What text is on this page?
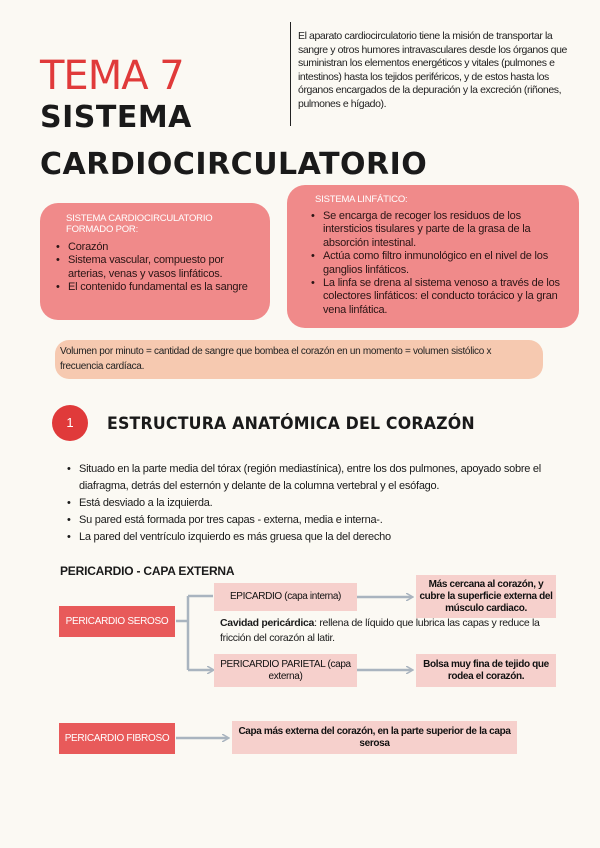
TEMA 7
SISTEMA
CARDIOCIRCULATORIO
El aparato cardiocirculatorio tiene la misión de transportar la sangre y otros humores intravasculares desde los órganos que suministran los elementos energéticos y vitales (pulmones e intestinos) hasta los tejidos periféricos, y de estos hasta los órganos encargados de la depuración y la excreción (riñones, pulmones e hígado).
SISTEMA CARDIOCIRCULATORIO FORMADO POR:
• Corazón
• Sistema vascular, compuesto por arterias, venas y vasos linfáticos.
• El contenido fundamental es la sangre
SISTEMA LINFÁTICO:
• Se encarga de recoger los residuos de los intersticios tisulares y parte de la grasa de la absorción intestinal.
• Actúa como filtro inmunológico en el nivel de los ganglios linfáticos.
• La linfa se drena al sistema venoso a través de los colectores linfáticos: el conducto torácico y la gran vena linfática.
Volumen por minuto = cantidad de sangre que bombea el corazón en un momento = volumen sistólico x frecuencia cardíaca.
1	ESTRUCTURA ANATÓMICA DEL CORAZÓN
• Situado en la parte media del tórax (región mediastínica), entre los dos pulmones, apoyado sobre el diafragma, detrás del esternón y delante de la columna vertebral y el esófago.
• Está desviado a la izquierda.
• Su pared está formada por tres capas - externa, media e interna-.
• La pared del ventrículo izquierdo es más gruesa que la del derecho
PERICARDIO - CAPA EXTERNA
PERICARDIO SEROSO
EPICARDIO (capa interna)
Más cercana al corazón, y cubre la superficie externa del músculo cardiaco.
Cavidad pericárdica: rellena de líquido que lubrica las capas y reduce la fricción del corazón al latir.
PERICARDIO PARIETAL (capa externa)
Bolsa muy fina de tejido que rodea el corazón.
PERICARDIO FIBROSO
Capa más externa del corazón, en la parte superior de la capa serosa
